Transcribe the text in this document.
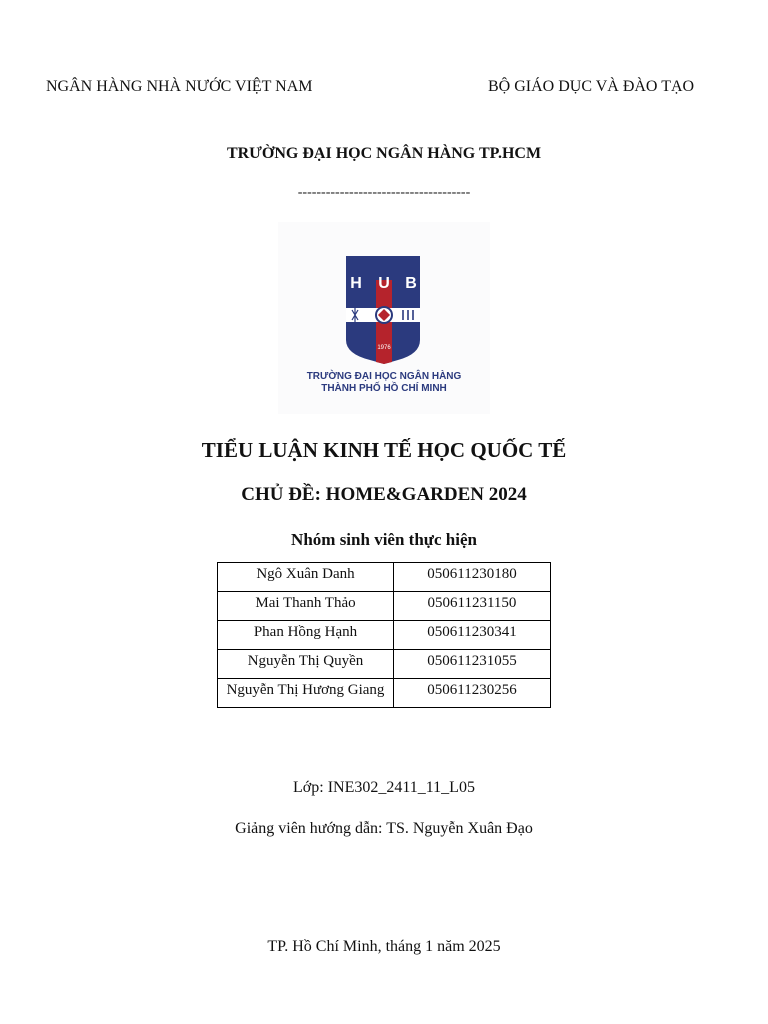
NGÂN HÀNG NHÀ NƯỚC VIỆT NAM	BỘ GIÁO DỤC VÀ ĐÀO TẠO
TRƯỜNG ĐẠI HỌC NGÂN HÀNG TP.HCM
-------------------------------------
H U B
1976
TRƯỜNG ĐẠI HỌC NGÂN HÀNG
THÀNH PHỐ HỒ CHÍ MINH
TIỂU LUẬN KINH TẾ HỌC QUỐC TẾ
CHỦ ĐỀ: HOME&GARDEN 2024
Nhóm sinh viên thực hiện
Ngô Xuân Danh	050611230180
Mai Thanh Thảo	050611231150
Phan Hồng Hạnh	050611230341
Nguyễn Thị Quyền	050611231055
Nguyễn Thị Hương Giang	050611230256
Lớp: INE302_2411_11_L05
Giảng viên hướng dẫn: TS. Nguyễn Xuân Đạo
TP. Hồ Chí Minh, tháng 1 năm 2025
